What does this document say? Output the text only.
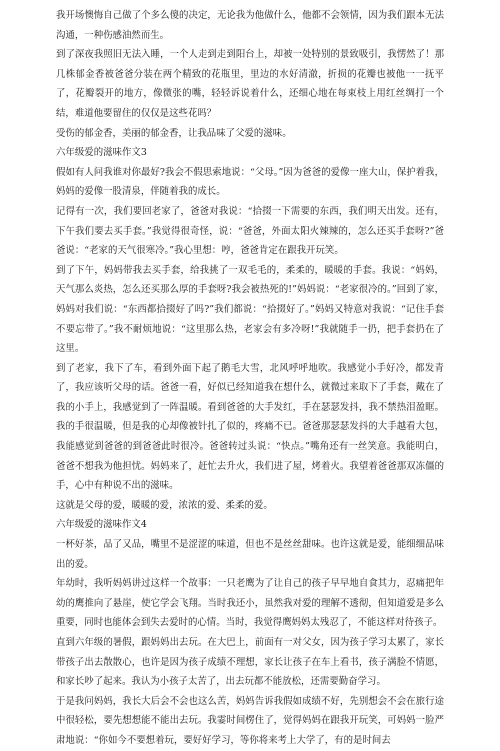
我开场懊悔自己做了个多么傻的决定，无论我为他做什么，他都不会领情，因为我们跟本无法沟通，一种伤感油然而生。

到了深夜我照旧无法入睡，一个人走到走到阳台上，却被一处特别的景致吸引，我愣然了！那几株郁金香被爸爸分装在两个精致的花瓶里，里边的水好清澈，折损的花瓣也被他一一抚平了，花瓣裂开的地方，像微张的嘴，轻轻诉说着什么，还细心地在每束枝上用红丝绸打一个结，难道他要留住的仅仅是这些花吗？

受伤的郁金香，美丽的郁金香，让我品味了父爱的滋味。

六年级爱的滋味作文3

假如有人问我谁对你最好?我会不假思索地说：“父母。”因为爸爸的爱像一座大山，保护着我，妈妈的爱像一股清泉，伴随着我的成长。

记得有一次，我们要回老家了，爸爸对我说：“拾掇一下需要的东西，我们明天出发。还有，下午我们要去买手套。”我觉得很奇怪，说：“爸爸，外面太阳火辣辣的，怎么还买手套呀?”爸爸说：“老家的天气很寒冷。”我心里想：哼，爸爸肯定在跟我开玩笑。

到了下午，妈妈带我去买手套，给我挑了一双毛毛的，柔柔的，暖暖的手套。我说：“妈妈，天气那么炎热，怎么还买那么厚的手套呀?我会被热死的!”妈妈说：“老家很冷的。”回到了家，妈妈对我们说：“东西都拾掇好了吗?”我们都说：“拾掇好了。”妈妈又特意对我说：“记住手套不要忘带了。”我不耐烦地说：“这里那么热，老家会有多冷呀!”我就随手一扔，把手套扔在了这里。

到了老家，我下了车，看到外面下起了鹅毛大雪，北风呼呼地吹。我感觉小手好冷，都发青了，我应该听父母的话。爸爸一看，好似已经知道我在想什么，就微过来取下了手套，戴在了我的小手上，我感觉到了一阵温暖。看到爸爸的大手发红，手在瑟瑟发抖，我不禁热泪盈眶。我的手很温暖，但是我的心却像被针扎了似的，疼痛不已。爸爸那瑟瑟发抖的大手越看大包，我能感觉到爸爸的到爸爸此时很冷。爸爸转过头说：“快点。”嘴角还有一丝笑意。我能明白，爸爸不想我为他担忧。妈妈来了，赶忙去升火，我们进了屋，烤着火。我望着爸爸那双冻僵的手，心中有种说不出的滋味。

这就是父母的爱，暖暖的爱，浓浓的爱、柔柔的爱。

六年级爱的滋味作文4

一杯好茶，品了又品，嘴里不是涩涩的味道，但也不是丝丝甜味。也许这就是爱，能细细品味出的爱。

年幼时，我听妈妈讲过这样一个故事：一只老鹰为了让自己的孩子早早地自食其力，忍痛把年幼的鹰推向了悬崖，使它学会飞翔。当时我还小，虽然我对爱的理解不透彻，但知道爱是多么重要，同时也能体会到失去爱时的心情。当时，我觉得鹰妈妈太残忍了，不能这样对待孩子。

直到六年级的暑假，跟妈妈出去玩。在大巴上，前面有一对父女，因为孩子学习太累了，家长带孩子出去散散心，也许是因为孩子成绩不理想，家长让孩子在车上看书，孩子满脸不情愿，和家长吵了起来。我认为小孩子太苦了，出去玩都不能放松，还需要勤奋学习。

于是我问妈妈，我长大后会不会也这么苦，妈妈告诉我假如成绩不好，先别想会不会在旅行途中很轻松，要先想想能不能出去玩。我霎时间楞住了，觉得妈妈在跟我开玩笑，可妈妈一脸严肃地说：“你如今不要想着玩，要好好学习，等你将来考上大学了，有的是时间去
